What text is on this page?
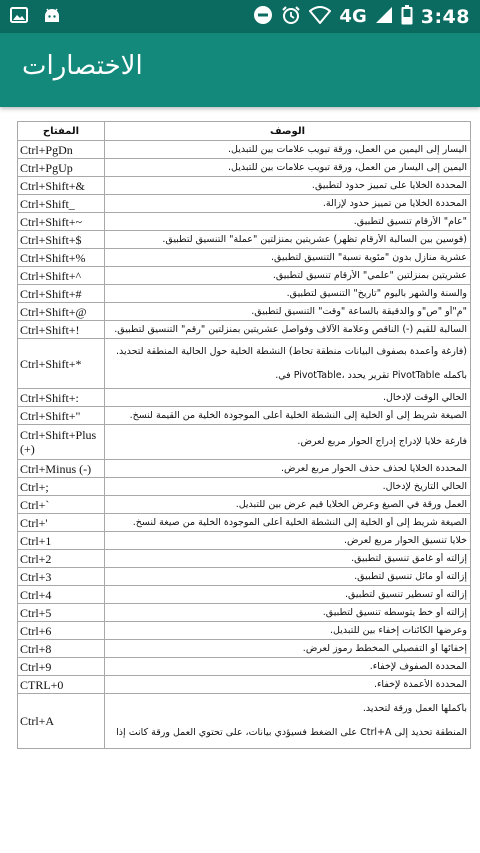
4G	3:48
الاختصارات
المفتاح	الوصف
Ctrl+PgDn	اليسار إلى اليمين من العمل، ورقة تبويب علامات بين للتبديل.

Ctrl+PgUp	اليمين إلى اليسار من العمل، ورقة تبويب علامات بين للتبديل.

Ctrl+Shift+&	المحددة الخلايا على تمييز حدود لتطبيق.

Ctrl+Shift_	المحددة الخلايا من تمييز حدود لإزالة.

Ctrl+Shift+~	"عام" الأرقام تنسيق لتطبيق.

Ctrl+Shift+$	(قوسين بين السالبة الأرقام تظهر) عشريتين بمنزلتين "عملة" التنسيق لتطبيق.

Ctrl+Shift+%	عشرية منازل بدون "مئوية نسبة" التنسيق لتطبيق.

Ctrl+Shift+^	عشريتين بمنزلتين "علمي" الأرقام تنسيق لتطبيق.

Ctrl+Shift+#	والسنة والشهر باليوم "تاريخ" التنسيق لتطبيق.

Ctrl+Shift+@	"م"أو "ص"و والدقيقة بالساعة "وقت" التنسيق لتطبيق.

Ctrl+Shift+!	السالبة للقيم (-) الناقص وعلامة الآلاف وفواصل عشريتين بمنزلتين "رقم" التنسيق لتطبيق.

Ctrl+Shift+*	(فارغة وأعمدة بصفوف البيانات منطقة تحاط) النشطة الخلية حول الحالية المنطقة لتحديد.
بأكمله PivotTable تقرير يحدد ،PivotTable في.

Ctrl+Shift+:	الحالي الوقت لإدخال.

Ctrl+Shift+"	الصيغة شريط إلى أو الخلية إلى النشطة الخلية أعلى الموجودة الخلية من القيمة لنسخ.

Ctrl+Shift+Plus (+)	فارغة خلايا لإدراج إدراج الحوار مربع لعرض.

Ctrl+Minus (-)	المحددة الخلايا لحذف حذف الحوار مربع لعرض.

Ctrl+;	الحالي التاريخ لإدخال.

Ctrl+`	العمل ورقة في الصيغ وعرض الخلايا قيم عرض بين للتبديل.

Ctrl+'	الصيغة شريط إلى أو الخلية إلى النشطة الخلية أعلى الموجودة الخلية من صيغة لنسخ.

Ctrl+1	خلايا تنسيق الحوار مربع لعرض.

Ctrl+2	إزالته أو غامق تنسيق لتطبيق.

Ctrl+3	إزالته أو مائل تنسيق لتطبيق.

Ctrl+4	إزالته أو تسطير تنسيق لتطبيق.

Ctrl+5	إزالته أو خط يتوسطه تنسيق لتطبيق.

Ctrl+6	وعرضها الكائنات إخفاء بين للتبديل.

Ctrl+8	إخفائها أو التفصيلي المخطط رموز لعرض.

Ctrl+9	المحددة الصفوف لإخفاء.

CTRL+0	المحددة الأعمدة لإخفاء.

Ctrl+A	بأكملها العمل ورقة لتحديد.
المنطقة تحديد إلى Ctrl+A على الضغط فسيؤدي بيانات، على تحتوي العمل ورقة كانت إذا
